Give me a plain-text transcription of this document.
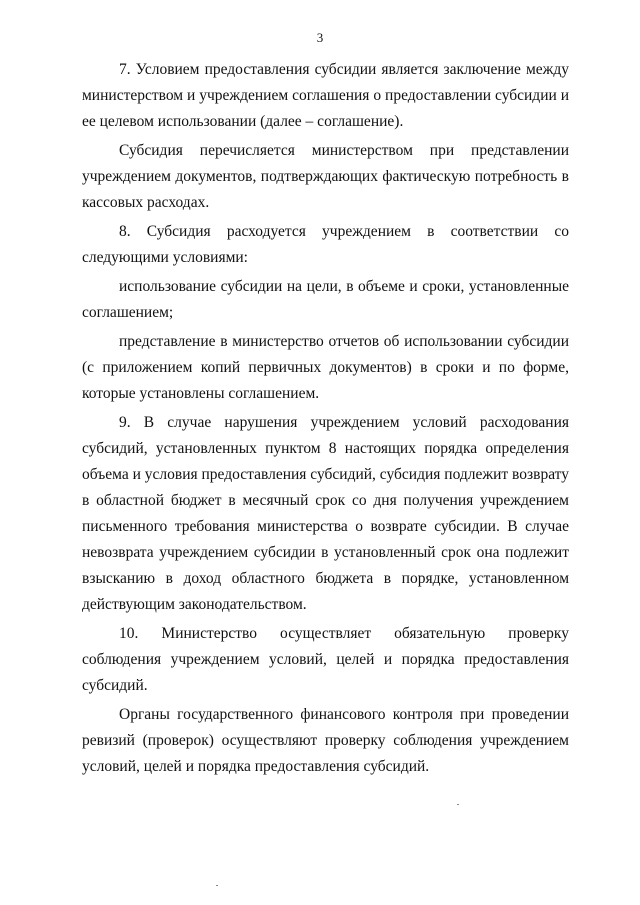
3

7. Условием предоставления субсидии является заключение между министерством и учреждением соглашения о предоставлении субсидии и ее целевом использовании (далее – соглашение).

Субсидия перечисляется министерством при представлении учреждением документов, подтверждающих фактическую потребность в кассовых расходах.

8. Субсидия расходуется учреждением в соответствии со следующими условиями:

использование субсидии на цели, в объеме и сроки, установленные соглашением;

представление в министерство отчетов об использовании субсидии (с приложением копий первичных документов) в сроки и по форме, которые установлены соглашением.

9. В случае нарушения учреждением условий расходования субсидий, установленных пунктом 8 настоящих порядка определения объема и условия предоставления субсидий, субсидия подлежит возврату в областной бюджет в месячный срок со дня получения учреждением письменного требования министерства о возврате субсидии. В случае невозврата учреждением субсидии в установленный срок она подлежит взысканию в доход областного бюджета в порядке, установленном действующим законодательством.

10. Министерство осуществляет обязательную проверку соблюдения учреждением условий, целей и порядка предоставления субсидий.

Органы государственного финансового контроля при проведении ревизий (проверок) осуществляют проверку соблюдения учреждением условий, целей и порядка предоставления субсидий.
